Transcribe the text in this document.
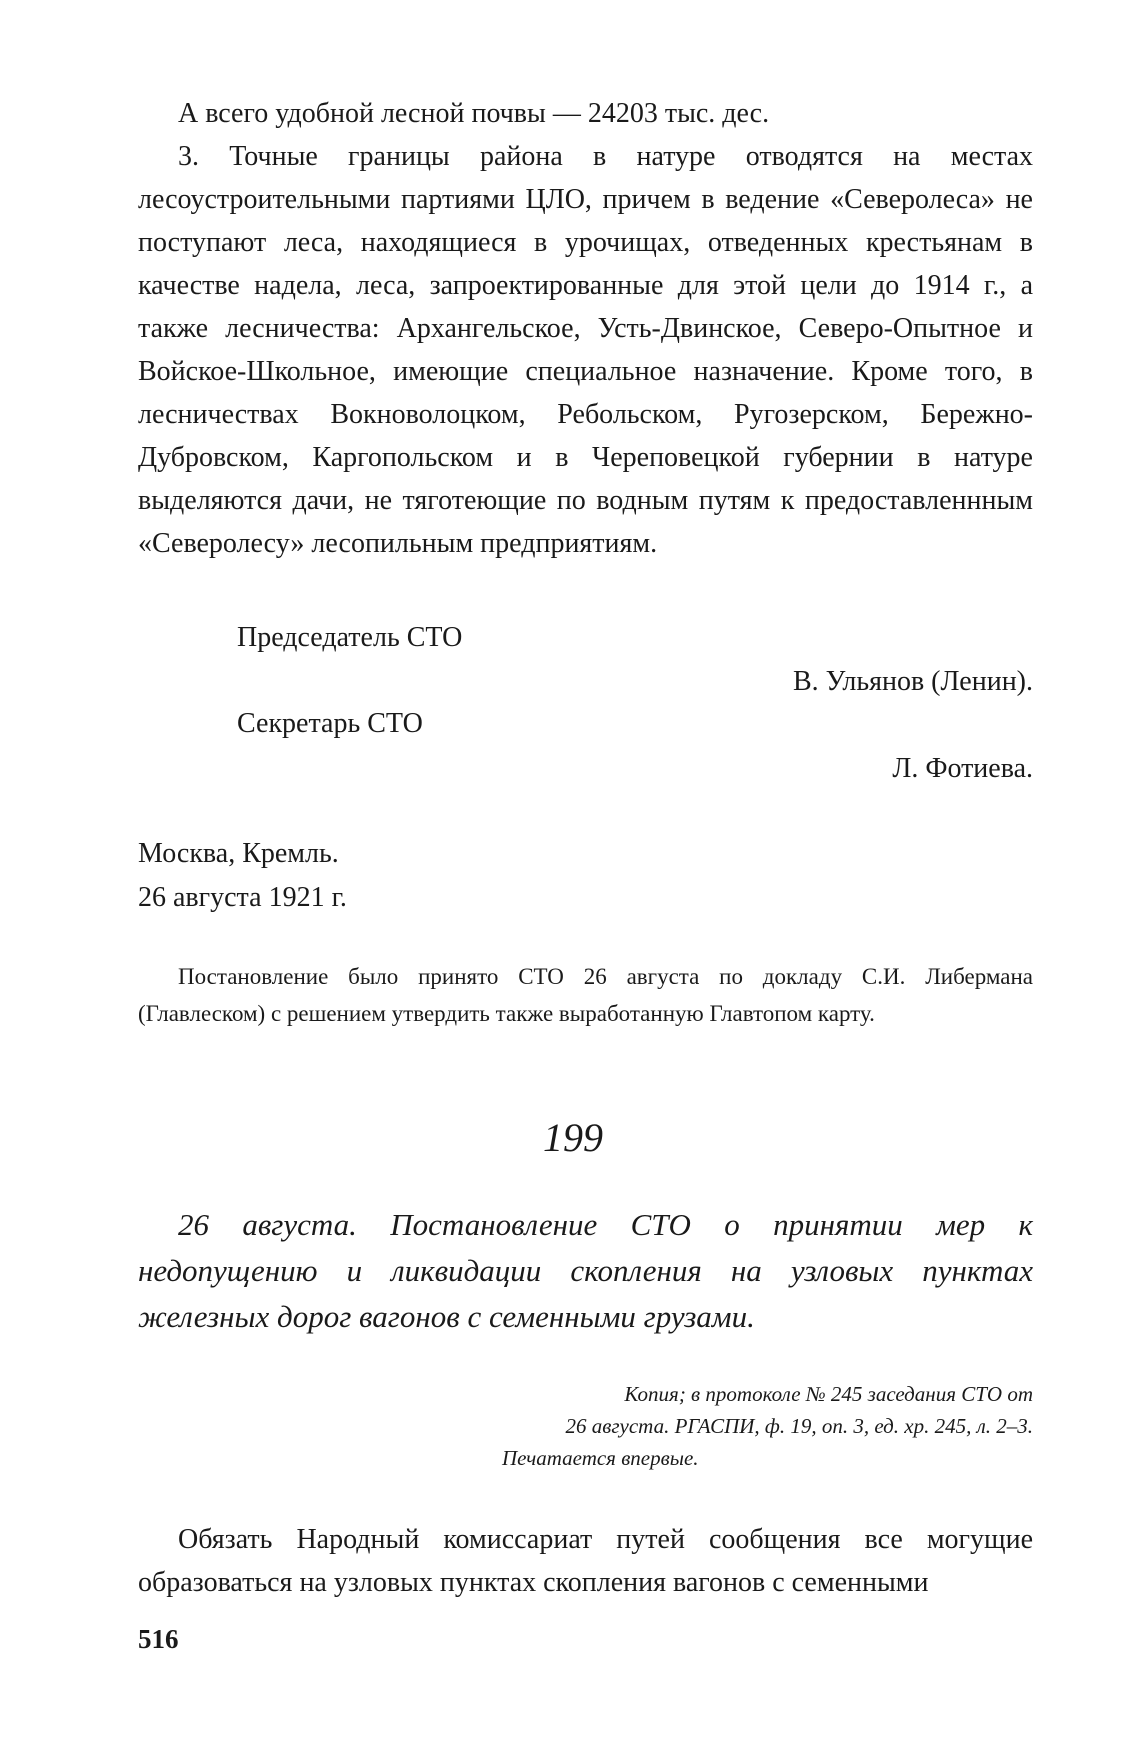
А всего удобной лесной почвы — 24203 тыс. дес.

3. Точные границы района в натуре отводятся на местах лесоустроительными партиями ЦЛО, причем в ведение «Северолеса» не поступают леса, находящиеся в урочищах, отведенных крестьянам в качестве надела, леса, запроектированные для этой цели до 1914 г., а также лесничества: Архангельское, Усть-Двинское, Северо-Опытное и Войское-Школьное, имеющие специальное назначение. Кроме того, в лесничествах Вокноволоцком, Ребольском, Ругозерском, Бережно-Дубровском, Каргопольском и в Череповецкой губернии в натуре выделяются дачи, не тяготеющие по водным путям к предоставленнным «Северолесу» лесопильным предприятиям.

Председатель СТО
В. Ульянов (Ленин).
Секретарь СТО
Л. Фотиева.
Москва, Кремль.
26 августа 1921 г.
Постановление было принято СТО 26 августа по докладу С.И. Либермана (Главлеском) с решением утвердить также выработанную Главтопом карту.
199
26 августа. Постановление СТО о принятии мер к недопущению и ликвидации скопления на узловых пунктах железных дорог вагонов с семенными грузами.
Копия; в протоколе № 245 заседания СТО от
26 августа. РГАСПИ, ф. 19, оп. 3, ед. хр. 245, л. 2–3.
Печатается впервые.

Обязать Народный комиссариат путей сообщения все могущие образоваться на узловых пунктах скопления вагонов с семенными

516
